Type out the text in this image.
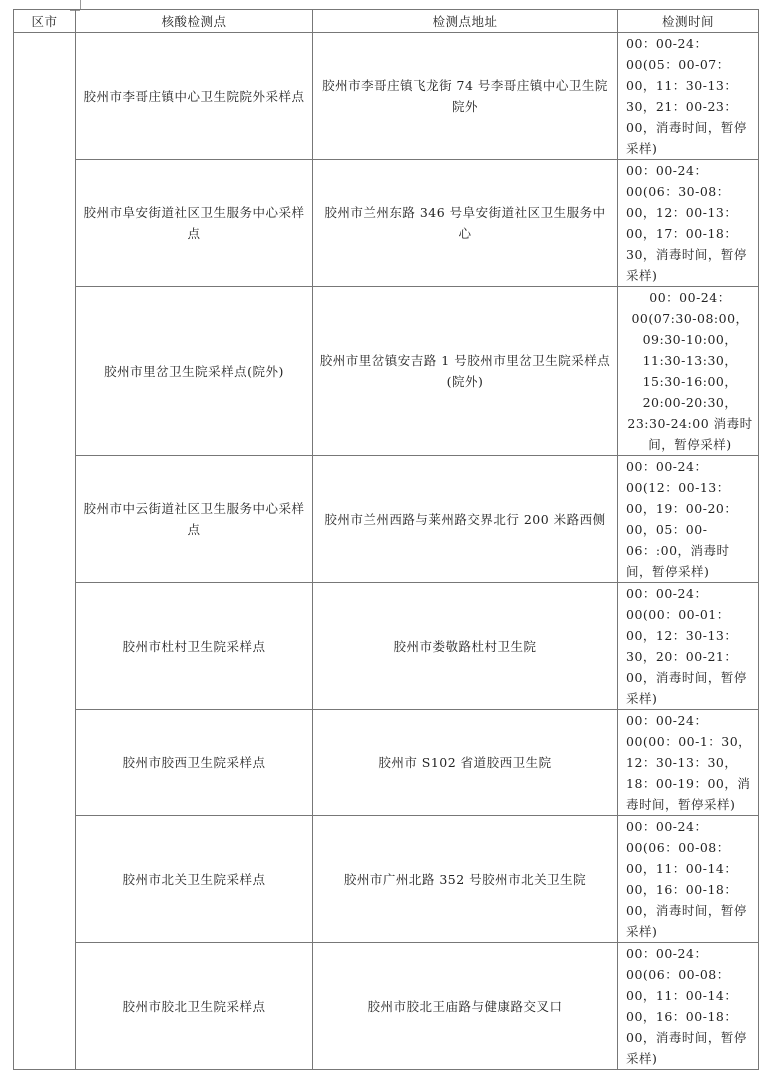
区市	核酸检测点	检测点地址	检测时间
	胶州市李哥庄镇中心卫生院院外采样点	胶州市李哥庄镇飞龙街 74 号李哥庄镇中心卫生院院外	00：00-24：00(05：00-07：00，11：30-13：30，21：00-23：00，消毒时间，暂停采样)
	胶州市阜安街道社区卫生服务中心采样点	胶州市兰州东路 346 号阜安街道社区卫生服务中心	00：00-24：00(06：30-08：00，12：00-13：00，17：00-18：30，消毒时间，暂停采样)
	胶州市里岔卫生院采样点(院外)	胶州市里岔镇安吉路 1 号胶州市里岔卫生院采样点(院外)	00：00-24：00(07:30-08:00，09:30-10:00，11:30-13:30，15:30-16:00，20:00-20:30，23:30-24:00 消毒时间，暂停采样)
	胶州市中云街道社区卫生服务中心采样点	胶州市兰州西路与莱州路交界北行 200 米路西侧	00：00-24：00(12：00-13：00，19：00-20：00，05：00-06：:00，消毒时间，暂停采样)
	胶州市杜村卫生院采样点	胶州市娄敬路杜村卫生院	00：00-24：00(00：00-01：00，12：30-13：30，20：00-21：00，消毒时间，暂停采样)
	胶州市胶西卫生院采样点	胶州市 S102 省道胶西卫生院	00：00-24：00(00：00-1：30，12：30-13：30，18：00-19：00，消毒时间，暂停采样)
	胶州市北关卫生院采样点	胶州市广州北路 352 号胶州市北关卫生院	00：00-24：00(06：00-08：00，11：00-14：00，16：00-18：00，消毒时间，暂停采样)
	胶州市胶北卫生院采样点	胶州市胶北王庙路与健康路交叉口	00：00-24：00(06：00-08：00，11：00-14：00，16：00-18：00，消毒时间，暂停采样)
